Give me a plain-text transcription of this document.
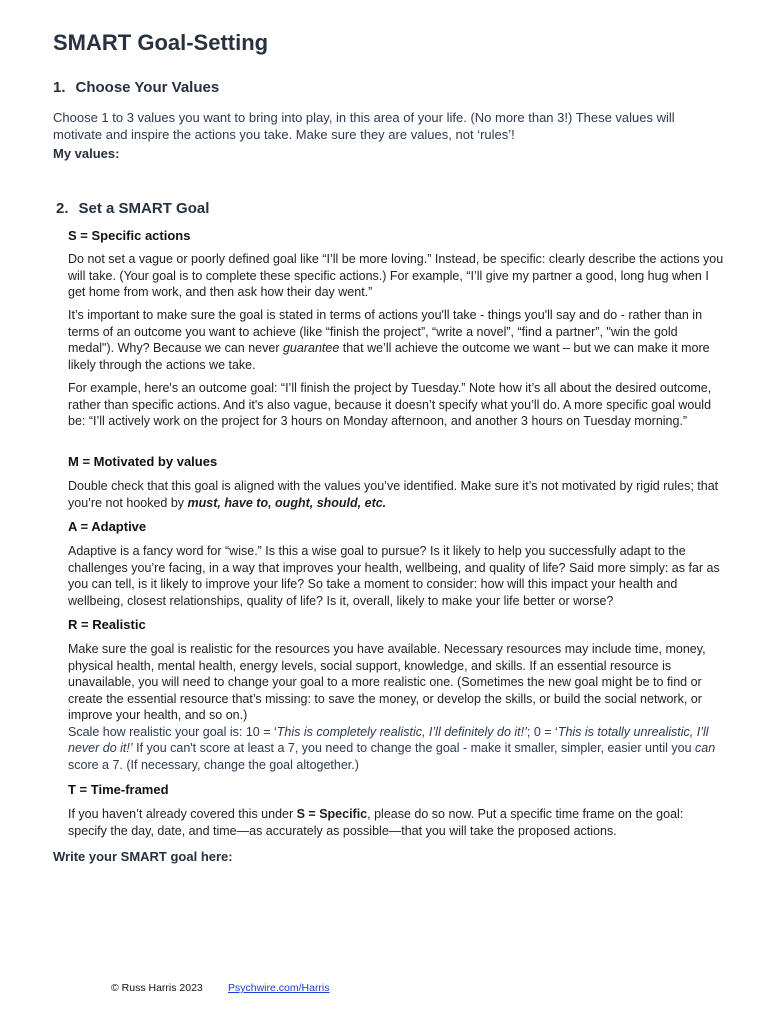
SMART Goal-Setting
1. Choose Your Values

Choose 1 to 3 values you want to bring into play, in this area of your life. (No more than 3!) These values will motivate and inspire the actions you take. Make sure they are values, not ‘rules’!

My values:

2. Set a SMART Goal

S = Specific actions

Do not set a vague or poorly defined goal like “I’ll be more loving.” Instead, be specific: clearly describe the actions you will take. (Your goal is to complete these specific actions.) For example, “I’ll give my partner a good, long hug when I get home from work, and then ask how their day went.”

It’s important to make sure the goal is stated in terms of actions you'll take - things you'll say and do - rather than in terms of an outcome you want to achieve (like “finish the project”, “write a novel”, “find a partner”, "win the gold medal"). Why? Because we can never guarantee that we’ll achieve the outcome we want – but we can make it more likely through the actions we take.

For example, here's an outcome goal: “I’ll finish the project by Tuesday.” Note how it’s all about the desired outcome, rather than specific actions. And it's also vague, because it doesn’t specify what you’ll do. A more specific goal would be: “I’ll actively work on the project for 3 hours on Monday afternoon, and another 3 hours on Tuesday morning.”

M = Motivated by values

Double check that this goal is aligned with the values you’ve identified. Make sure it’s not motivated by rigid rules; that you’re not hooked by must, have to, ought, should, etc.

A = Adaptive

Adaptive is a fancy word for “wise.” Is this a wise goal to pursue? Is it likely to help you successfully adapt to the challenges you’re facing, in a way that improves your health, wellbeing, and quality of life? Said more simply: as far as you can tell, is it likely to improve your life? So take a moment to consider: how will this impact your health and wellbeing, closest relationships, quality of life? Is it, overall, likely to make your life better or worse?

R = Realistic

Make sure the goal is realistic for the resources you have available. Necessary resources may include time, money, physical health, mental health, energy levels, social support, knowledge, and skills. If an essential resource is unavailable, you will need to change your goal to a more realistic one. (Sometimes the new goal might be to find or create the essential resource that’s missing: to save the money, or develop the skills, or build the social network, or improve your health, and so on.)

Scale how realistic your goal is: 10 = ‘This is completely realistic, I’ll definitely do it!’; 0 = ‘This is totally unrealistic, I’ll never do it!’ If you can't score at least a 7, you need to change the goal - make it smaller, simpler, easier until you can score a 7. (If necessary, change the goal altogether.)

T = Time-framed

If you haven’t already covered this under S = Specific, please do so now. Put a specific time frame on the goal: specify the day, date, and time—as accurately as possible—that you will take the proposed actions.

Write your SMART goal here:

© Russ Harris 2023 Psychwire.com/Harris
